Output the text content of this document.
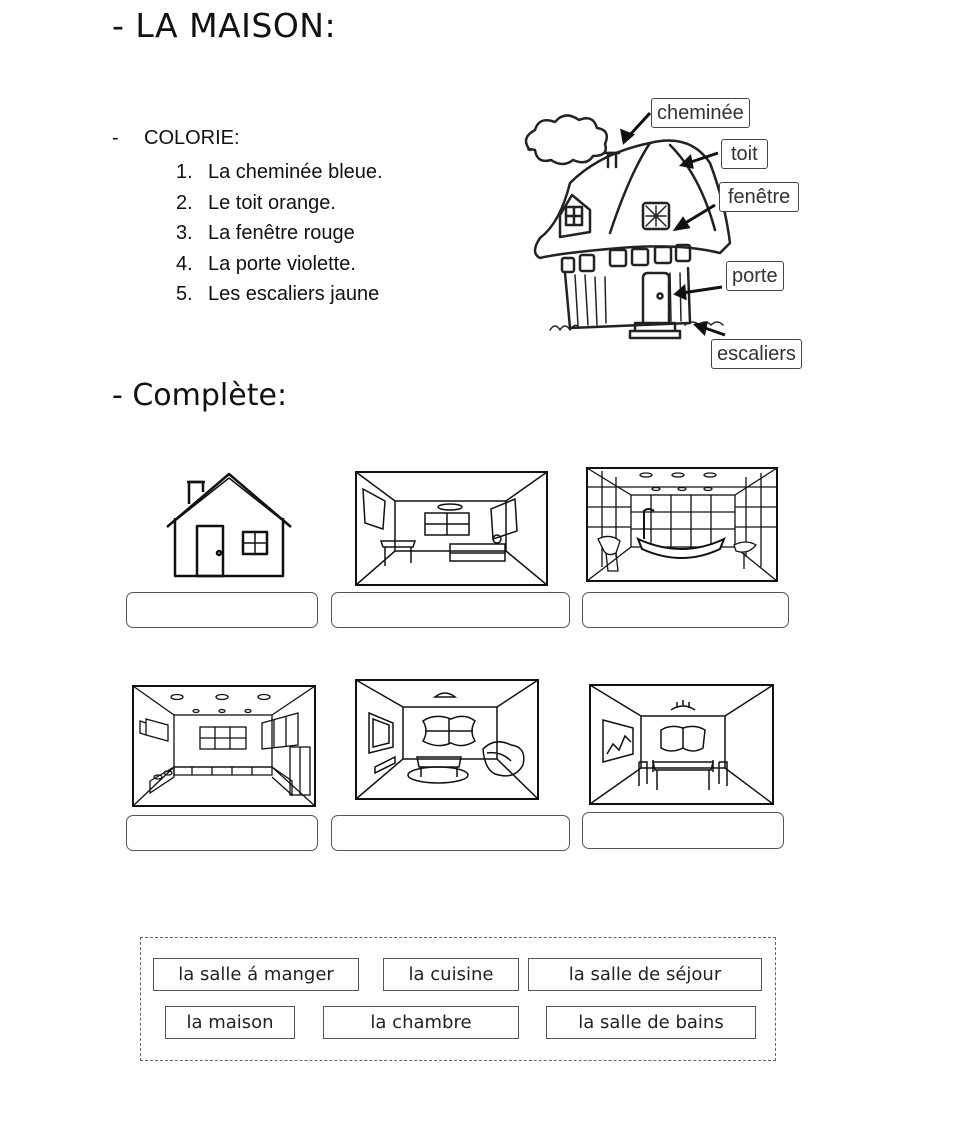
- LA MAISON:
- COLORIE:
1. La cheminée bleue.
2. Le toit orange.
3. La fenêtre rouge
4. La porte violette.
5. Les escaliers jaune
cheminée
toit
fenêtre
porte
escaliers
- Complète:
la salle á manger	la cuisine	la salle de séjour
la maison	la chambre	la salle de bains
